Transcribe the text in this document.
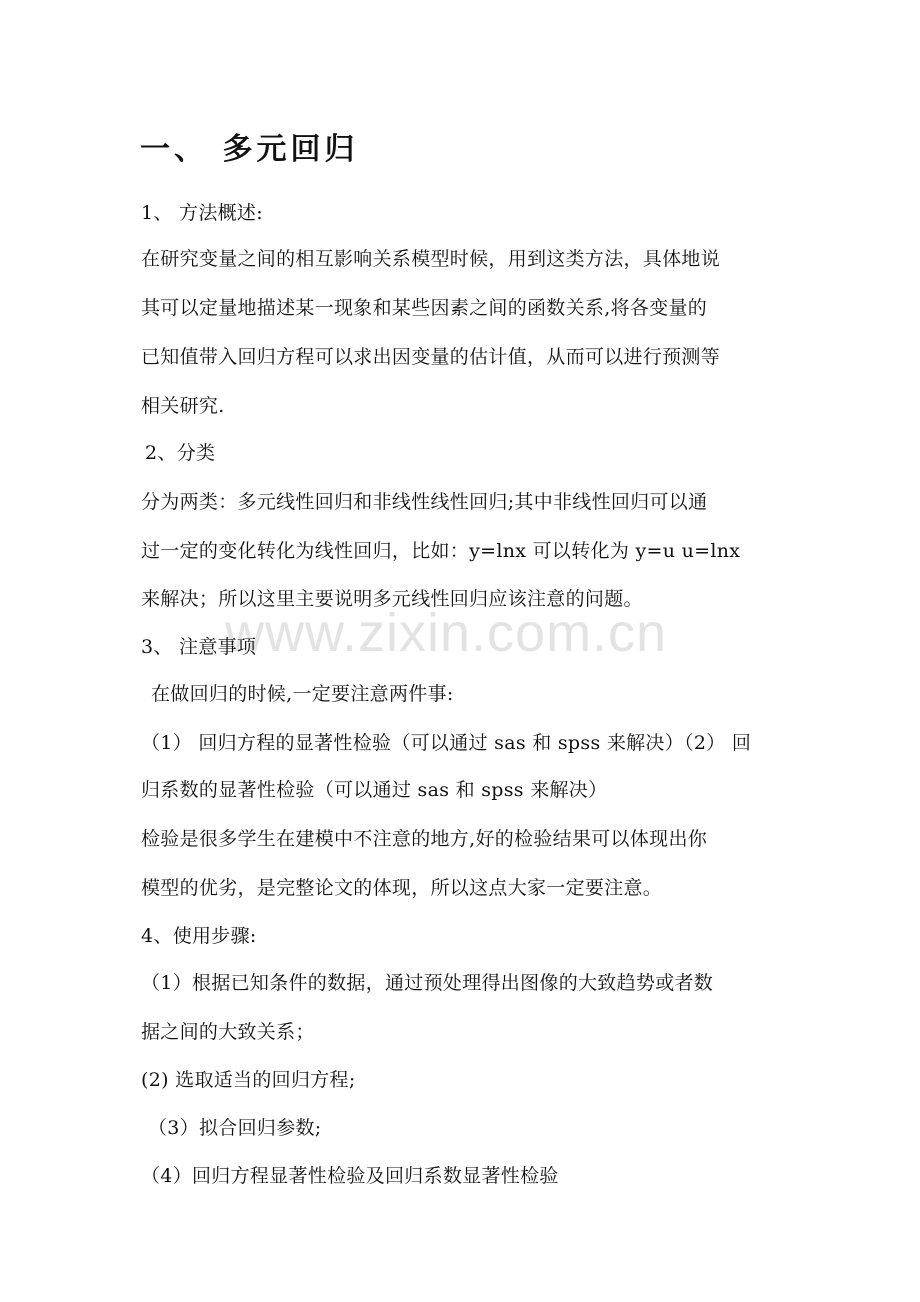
www.zixin.com.cn
一、 多元回归
1、 方法概述:
在研究变量之间的相互影响关系模型时候，用到这类方法，具体地说
其可以定量地描述某一现象和某些因素之间的函数关系,将各变量的
已知值带入回归方程可以求出因变量的估计值，从而可以进行预测等
相关研究.
2、分类
分为两类：多元线性回归和非线性线性回归;其中非线性回归可以通
过一定的变化转化为线性回归，比如：y=lnx 可以转化为 y=u u=lnx
来解决；所以这里主要说明多元线性回归应该注意的问题。
3、 注意事项
在做回归的时候,一定要注意两件事:
（1） 回归方程的显著性检验（可以通过 sas 和 spss 来解决）（2） 回
归系数的显著性检验（可以通过 sas 和 spss 来解决）
检验是很多学生在建模中不注意的地方,好的检验结果可以体现出你
模型的优劣，是完整论文的体现，所以这点大家一定要注意。
4、使用步骤:
（1）根据已知条件的数据，通过预处理得出图像的大致趋势或者数
据之间的大致关系；
(2) 选取适当的回归方程;
（3）拟合回归参数;
（4）回归方程显著性检验及回归系数显著性检验
